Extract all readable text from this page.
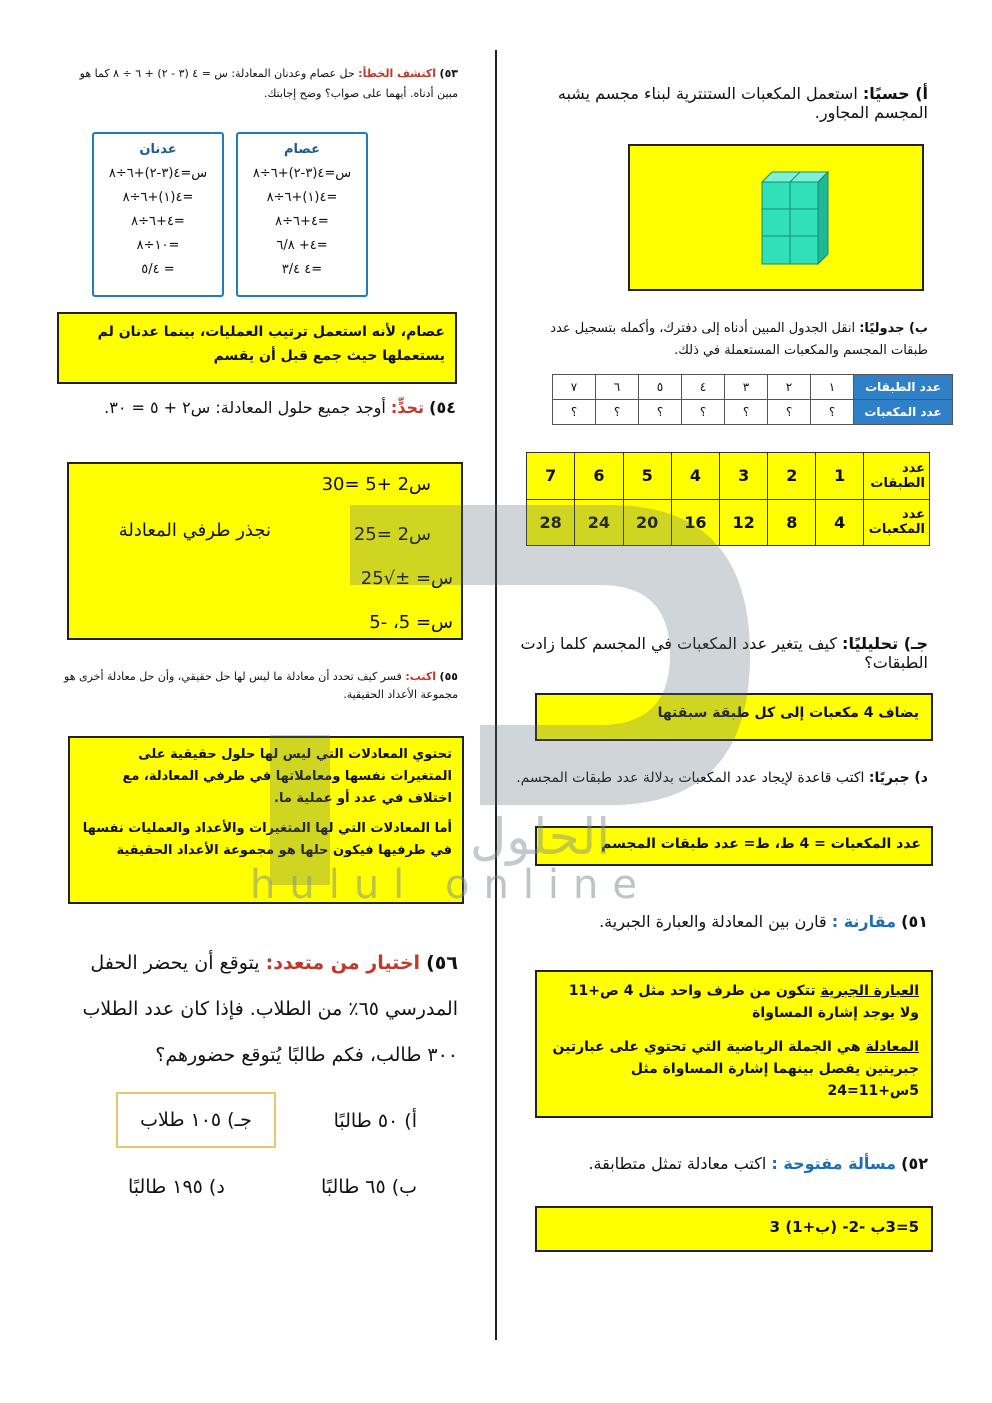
٥٣) اكتشف الخطأ: حل عصام وعدنان المعادلة: س = ٤ (٣ - ٢) + ٦ ÷ ٨ كما هو مبين أدناه. أيهما على صواب؟ وضح إجابتك.
عدنان
س=٤(٣-٢)+٦÷٨
=٤(١)+٦÷٨
=٤+٦÷٨
=١٠÷٨
= ٥/٤
عصام
س=٤(٣-٢)+٦÷٨
=٤(١)+٦÷٨
=٤+٦÷٨
=٤+ ٦/٨
=٤ ٣/٤
عصام، لأنه استعمل ترتيب العمليات، بينما عدنان لم يستعملها حيث جمع قبل أن يقسم
٥٤) تحدٍّ: أوجد جميع حلول المعادلة: س٢ + ٥ = ٣٠.
س2 +5 =30
س2 =25
نجذر طرفي المعادلة
س= ±√25
س= 5، -5
٥٥) اكتب: فسر كيف تحدد أن معادلة ما ليس لها حل حقيقي، وأن حل معادلة أخرى هو مجموعة الأعداد الحقيقية.
تحتوي المعادلات التي ليس لها حلول حقيقية على المتغيرات نفسها ومعاملاتها في طرفي المعادلة، مع اختلاف في عدد أو عملية ما.
أما المعادلات التي لها المتغيرات والأعداد والعمليات نفسها في طرفيها فيكون حلها هو مجموعة الأعداد الحقيقية
٥٦) اختيار من متعدد: يتوقع أن يحضر الحفل المدرسي ٦٥٪ من الطلاب. فإذا كان عدد الطلاب ٣٠٠ طالب، فكم طالبًا يُتوقع حضورهم؟
أ) ٥٠ طالبًا
جـ) ١٠٥ طلاب
ب) ٦٥ طالبًا
د) ١٩٥ طالبًا
أ) حسيًا: استعمل المكعبات الستنترية لبناء مجسم يشبه المجسم المجاور.
ب) جدوليًا: انقل الجدول المبين أدناه إلى دفترك، وأكمله بتسجيل عدد طبقات المجسم والمكعبات المستعملة في ذلك.
عدد الطبقات	١	٢	٣	٤	٥	٦	٧
عدد المكعبات	؟	؟	؟	؟	؟	؟	؟
عدد الطبقات	1	2	3	4	5	6	7
عدد المكعبات	4	8	12	16	20	24	28
جـ) تحليليًا: كيف يتغير عدد المكعبات في المجسم كلما زادت الطبقات؟
يضاف 4 مكعبات إلى كل طبقة سبقتها
د) جبريًا: اكتب قاعدة لإيجاد عدد المكعبات بدلالة عدد طبقات المجسم.
عدد المكعبات = 4 ط، ط= عدد طبقات المجسم
٥١) مقارنة : قارن بين المعادلة والعبارة الجبرية.
العبارة الجبرية تتكون من طرف واحد مثل 4 ص+11 ولا يوجد إشارة المساواة
المعادلة هي الجملة الرياضية التي تحتوي على عبارتين جبريتين يفصل بينهما إشارة المساواة مثل 5س+11=24
٥٢) مسألة مفتوحة : اكتب معادلة تمثل متطابقة.
3 (ب+1) -5=3ب -2
hulul online
الحلول
